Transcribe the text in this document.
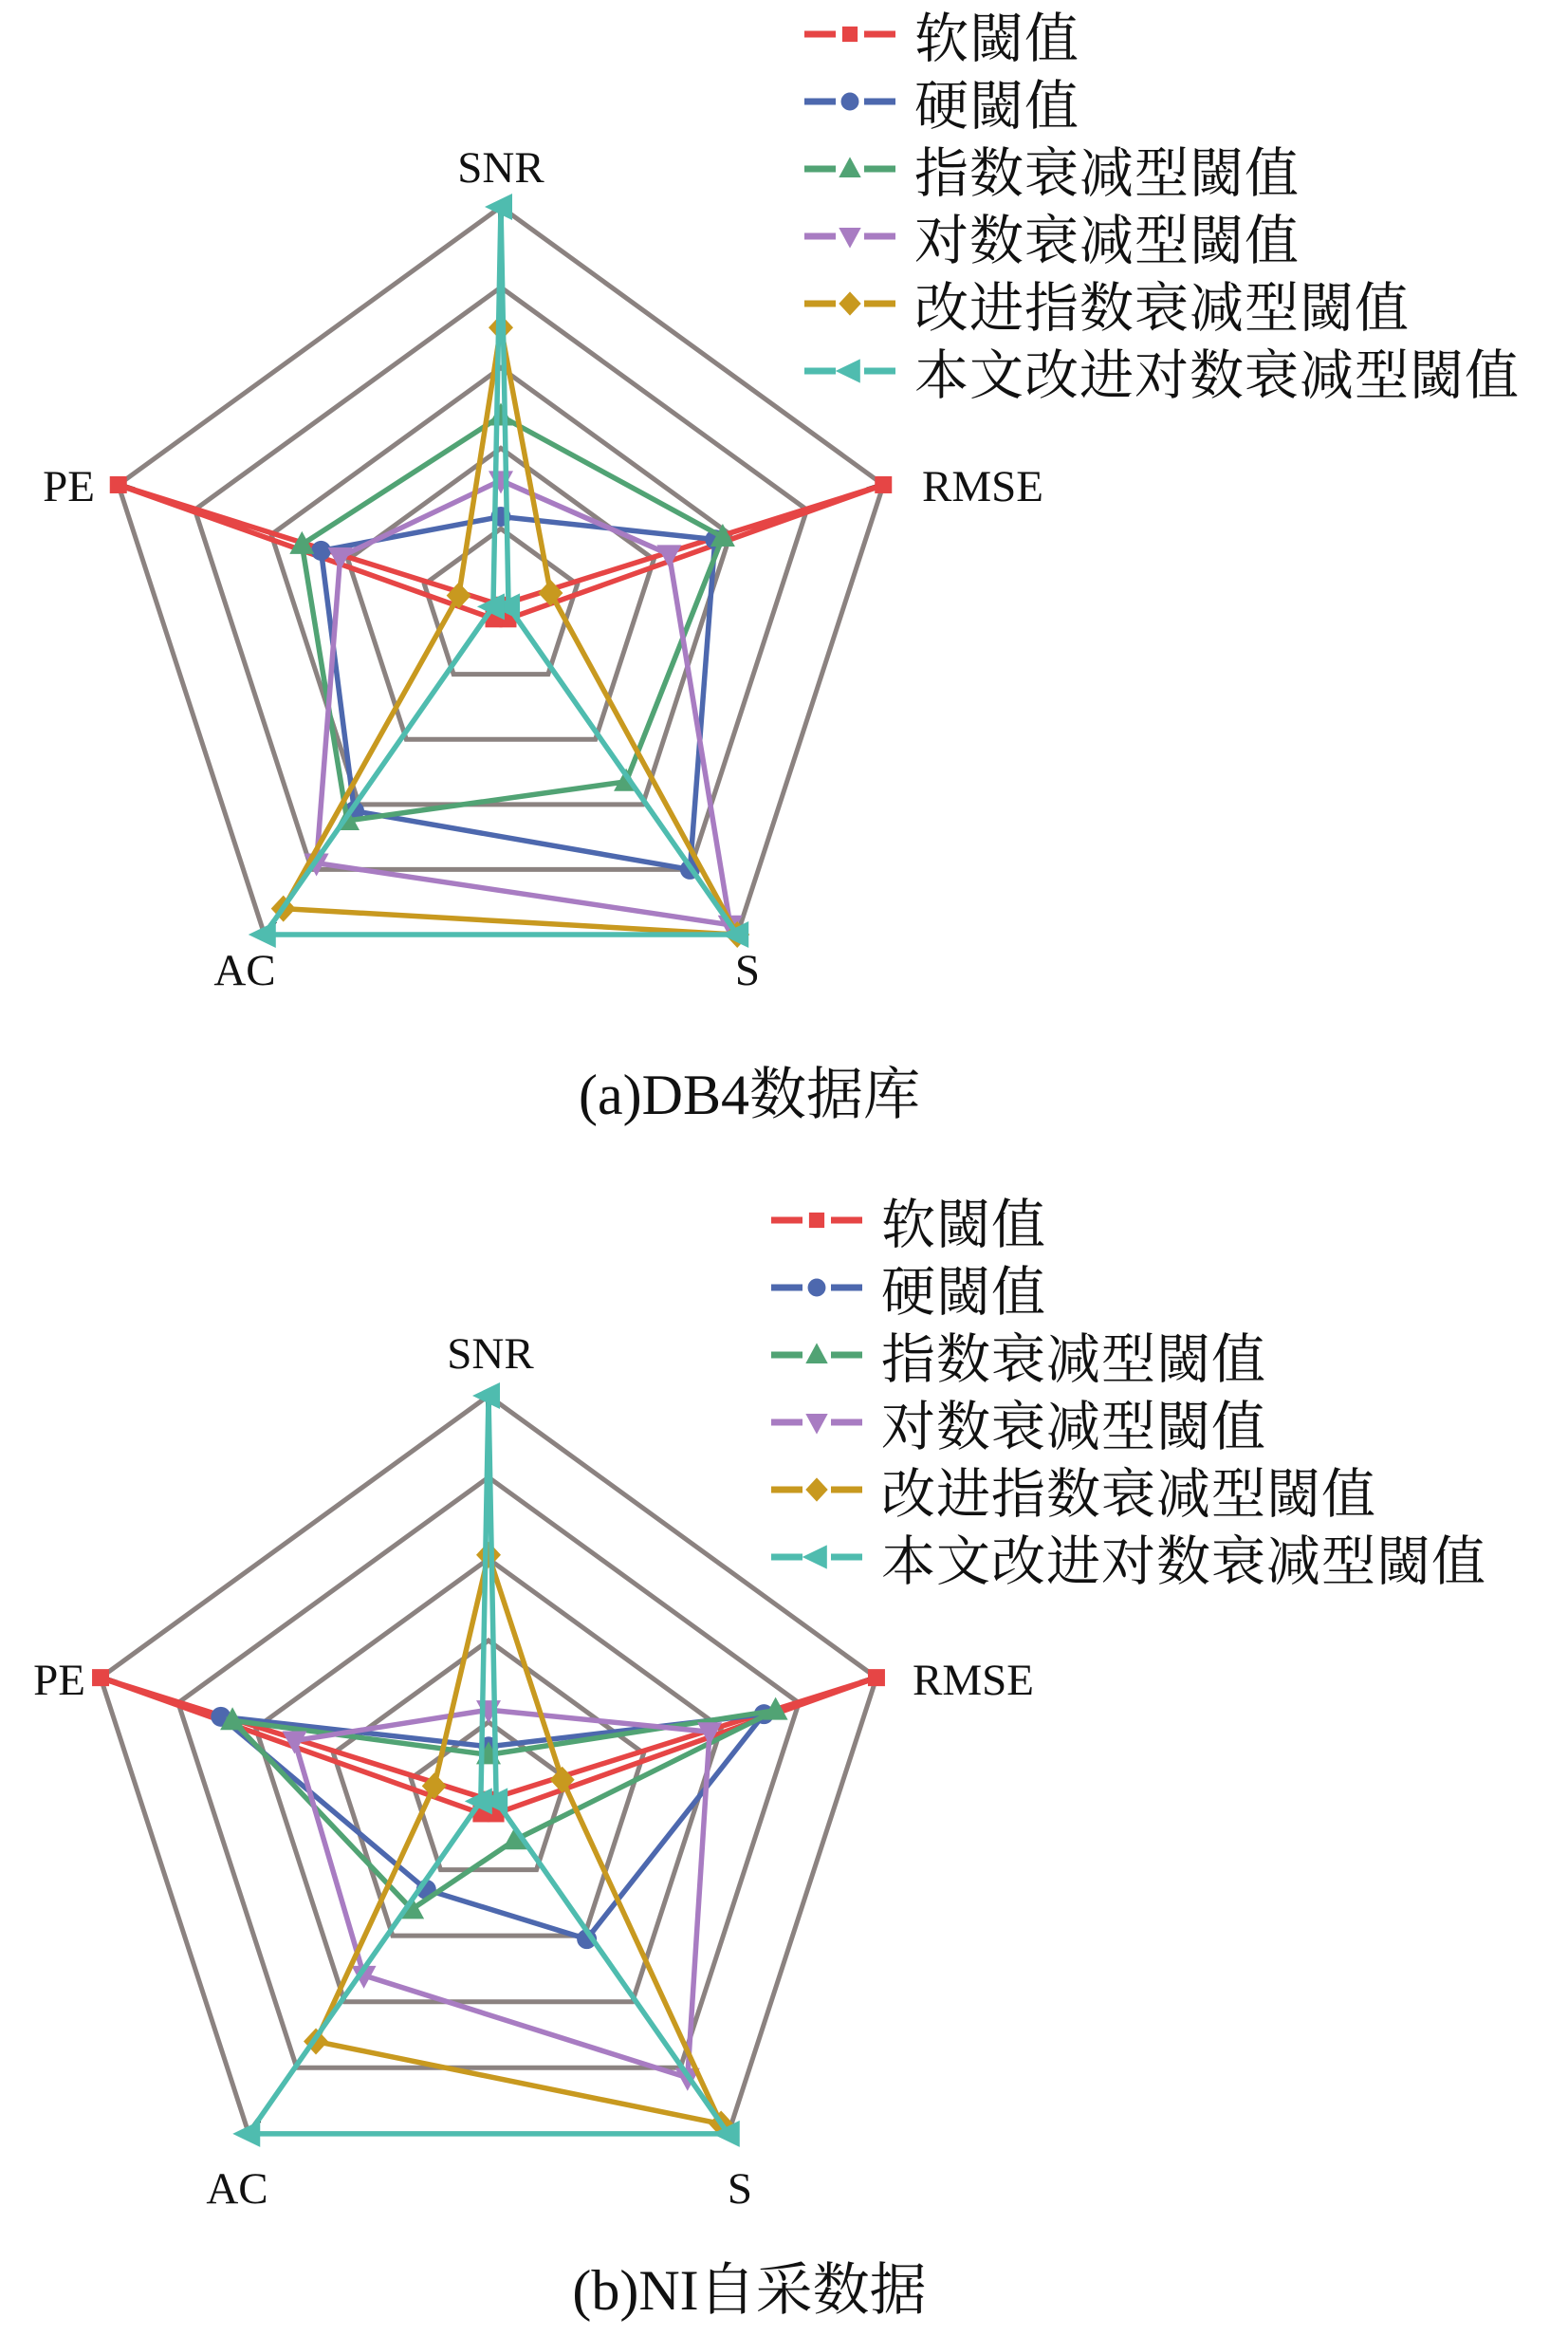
SNR
RMSE
S
AC
PE
SNR
RMSE
S
AC
PE
软閾值
硬閾值
指数衰减型閾值
对数衰减型閾值
改进指数衰减型閾值
本文改进对数衰减型閾值
软閾值
硬閾值
指数衰减型閾值
对数衰减型閾值
改进指数衰减型閾值
本文改进对数衰减型閾值
(a)DB4数据库
(b)NI自采数据
